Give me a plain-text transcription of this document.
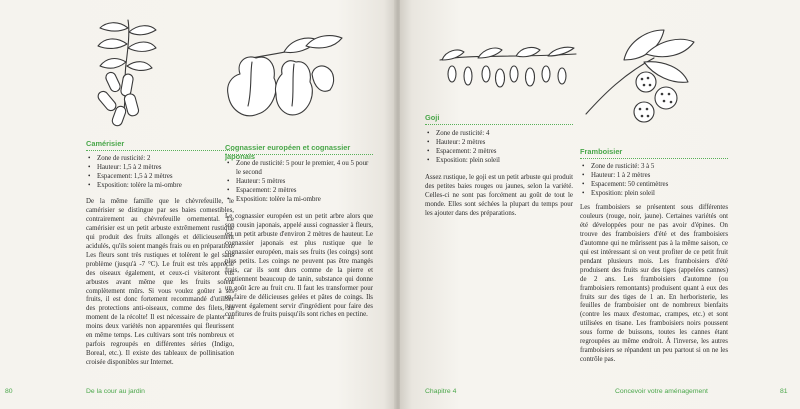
Camérisier
• Zone de rusticité: 2
• Hauteur: 1,5 à 2 mètres
• Espacement: 1,5 à 2 mètres
• Exposition: tolère la mi-ombre

De la même famille que le chèvrefeuille, le camérisier se distingue par ses baies comestibles, contrairement au chèvrefeuille ornemental. Le camérisier est un petit arbuste extrêmement rustique qui produit des fruits allongés et délicieusement acidulés, qu'ils soient mangés frais ou en préparation. Les fleurs sont très rustiques et tolèrent le gel sans problème (jusqu'à -7 °C). Le fruit est très apprécié des oiseaux également, et ceux-ci visiteront vos arbustes avant même que les fruits soient complètement mûrs. Si vous voulez goûter à ses fruits, il est donc fortement recommandé d'utiliser des protections anti-oiseaux, comme des filets, au moment de la récolte! Il est nécessaire de planter au moins deux variétés non apparentées qui fleurissent en même temps. Les cultivars sont très nombreux et parfois regroupés en différentes séries (Indigo, Boreal, etc.). Il existe des tableaux de pollinisation croisée disponibles sur Internet.

Cognassier européen et cognassier japonais
• Zone de rusticité: 5 pour le premier, 4 ou 5 pour le second
• Hauteur: 5 mètres
• Espacement: 2 mètres
• Exposition: tolère la mi-ombre

Le cognassier européen est un petit arbre alors que son cousin japonais, appelé aussi cognassier à fleurs, est un petit arbuste d'environ 2 mètres de hauteur. Le cognassier japonais est plus rustique que le cognassier européen, mais ses fruits (les coings) sont plus petits. Les coings ne peuvent pas être mangés frais, car ils sont durs comme de la pierre et contiennent beaucoup de tanin, substance qui donne un goût âcre au fruit cru. Il faut les transformer pour en faire de délicieuses gelées et pâtes de coings. Ils peuvent également servir d'ingrédient pour faire des confitures de fruits puisqu'ils sont riches en pectine.

80	De la cour au jardin
Goji
• Zone de rusticité: 4
• Hauteur: 2 mètres
• Espacement: 2 mètres
• Exposition: plein soleil

Assez rustique, le goji est un petit arbuste qui produit des petites baies rouges ou jaunes, selon la variété. Celles-ci ne sont pas forcément au goût de tout le monde. Elles sont séchées la plupart du temps pour les ajouter dans des préparations.

Framboisier
• Zone de rusticité: 3 à 5
• Hauteur: 1 à 2 mètres
• Espacement: 50 centimètres
• Exposition: plein soleil

Les framboisiers se présentent sous différentes couleurs (rouge, noir, jaune). Certaines variétés ont été développées pour ne pas avoir d'épines. On trouve des framboisiers d'été et des framboisiers d'automne qui ne mûrissent pas à la même saison, ce qui est intéressant si on veut profiter de ce petit fruit pendant plusieurs mois. Les framboisiers d'été produisent des fruits sur des tiges (appelées cannes) de 2 ans. Les framboisiers d'automne (ou framboisiers remontants) produisent quant à eux des fruits sur des tiges de 1 an. En herboristerie, les feuilles de framboisier ont de nombreux bienfaits (contre les maux d'estomac, crampes, etc.) et sont utilisées en tisane. Les framboisiers noirs poussent sous forme de buissons, toutes les cannes étant regroupées au même endroit. À l'inverse, les autres framboisiers se répandent un peu partout si on ne les contrôle pas.

Chapitre 4	Concevoir votre aménagement	81
